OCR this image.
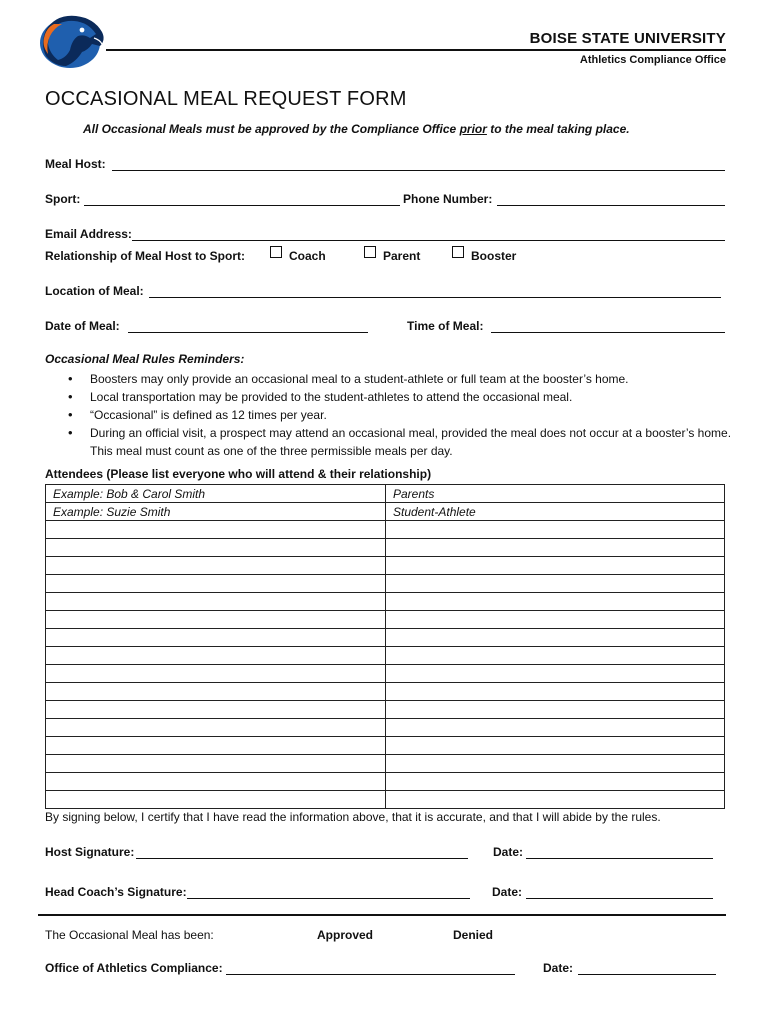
BOISE STATE UNIVERSITY
Athletics Compliance Office
OCCASIONAL MEAL REQUEST FORM
All Occasional Meals must be approved by the Compliance Office prior to the meal taking place.
Meal Host:
Sport:	Phone Number:
Email Address:
Relationship of Meal Host to Sport:	Coach	Parent	Booster
Location of Meal:
Date of Meal:	Time of Meal:
Occasional Meal Rules Reminders:
• Boosters may only provide an occasional meal to a student-athlete or full team at the booster’s home.
• Local transportation may be provided to the student-athletes to attend the occasional meal.
• “Occasional” is defined as 12 times per year.
• During an official visit, a prospect may attend an occasional meal, provided the meal does not occur at a booster’s home. This meal must count as one of the three permissible meals per day.
Attendees (Please list everyone who will attend & their relationship)
Example: Bob & Carol Smith	Parents
Example: Suzie Smith	Student-Athlete

By signing below, I certify that I have read the information above, that it is accurate, and that I will abide by the rules.
Host Signature:	Date:
Head Coach’s Signature:	Date:
The Occasional Meal has been:	Approved	Denied
Office of Athletics Compliance:	Date:
